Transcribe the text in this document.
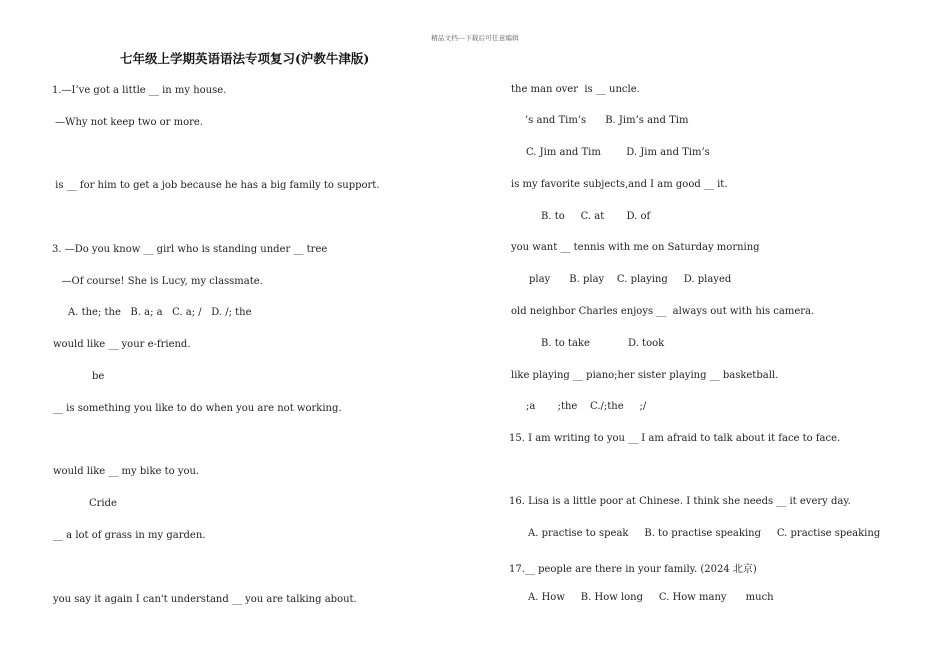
精品文档---下载后可任意编辑
七年级上学期英语语法专项复习(沪教牛津版)
1.—I’ve got a little __ in my house.
—Why not keep two or more.
is __ for him to get a job because he has a big family to support.
3. —Do you know __ girl who is standing under __ tree
—Of course! She is Lucy, my classmate.
A. the; the   B. a; a   C. a; /   D. /; the
would like __ your e-friend.
be
__ is something you like to do when you are not working.
would like __ my bike to you.
Cride
__ a lot of grass in my garden.
you say it again I can't understand __ you are talking about.
the man over  is __ uncle.
’s and Tim’s      B. Jim’s and Tim
C. Jim and Tim        D. Jim and Tim’s
is my favorite subjects,and I am good __ it.
B. to     C. at       D. of
you want __ tennis with me on Saturday morning
play      B. play    C. playing     D. played
old neighbor Charles enjoys __  always out with his camera.
B. to take            D. took
like playing __ piano;her sister playing __ basketball.
;a       ;the    C./;the     ;/
15. I am writing to you __ I am afraid to talk about it face to face.
16. Lisa is a little poor at Chinese. I think she needs __ it every day.
A. practise to speak     B. to practise speaking     C. practise speaking
17.__ people are there in your family. (2024 北京)
A. How     B. How long     C. How many      much
